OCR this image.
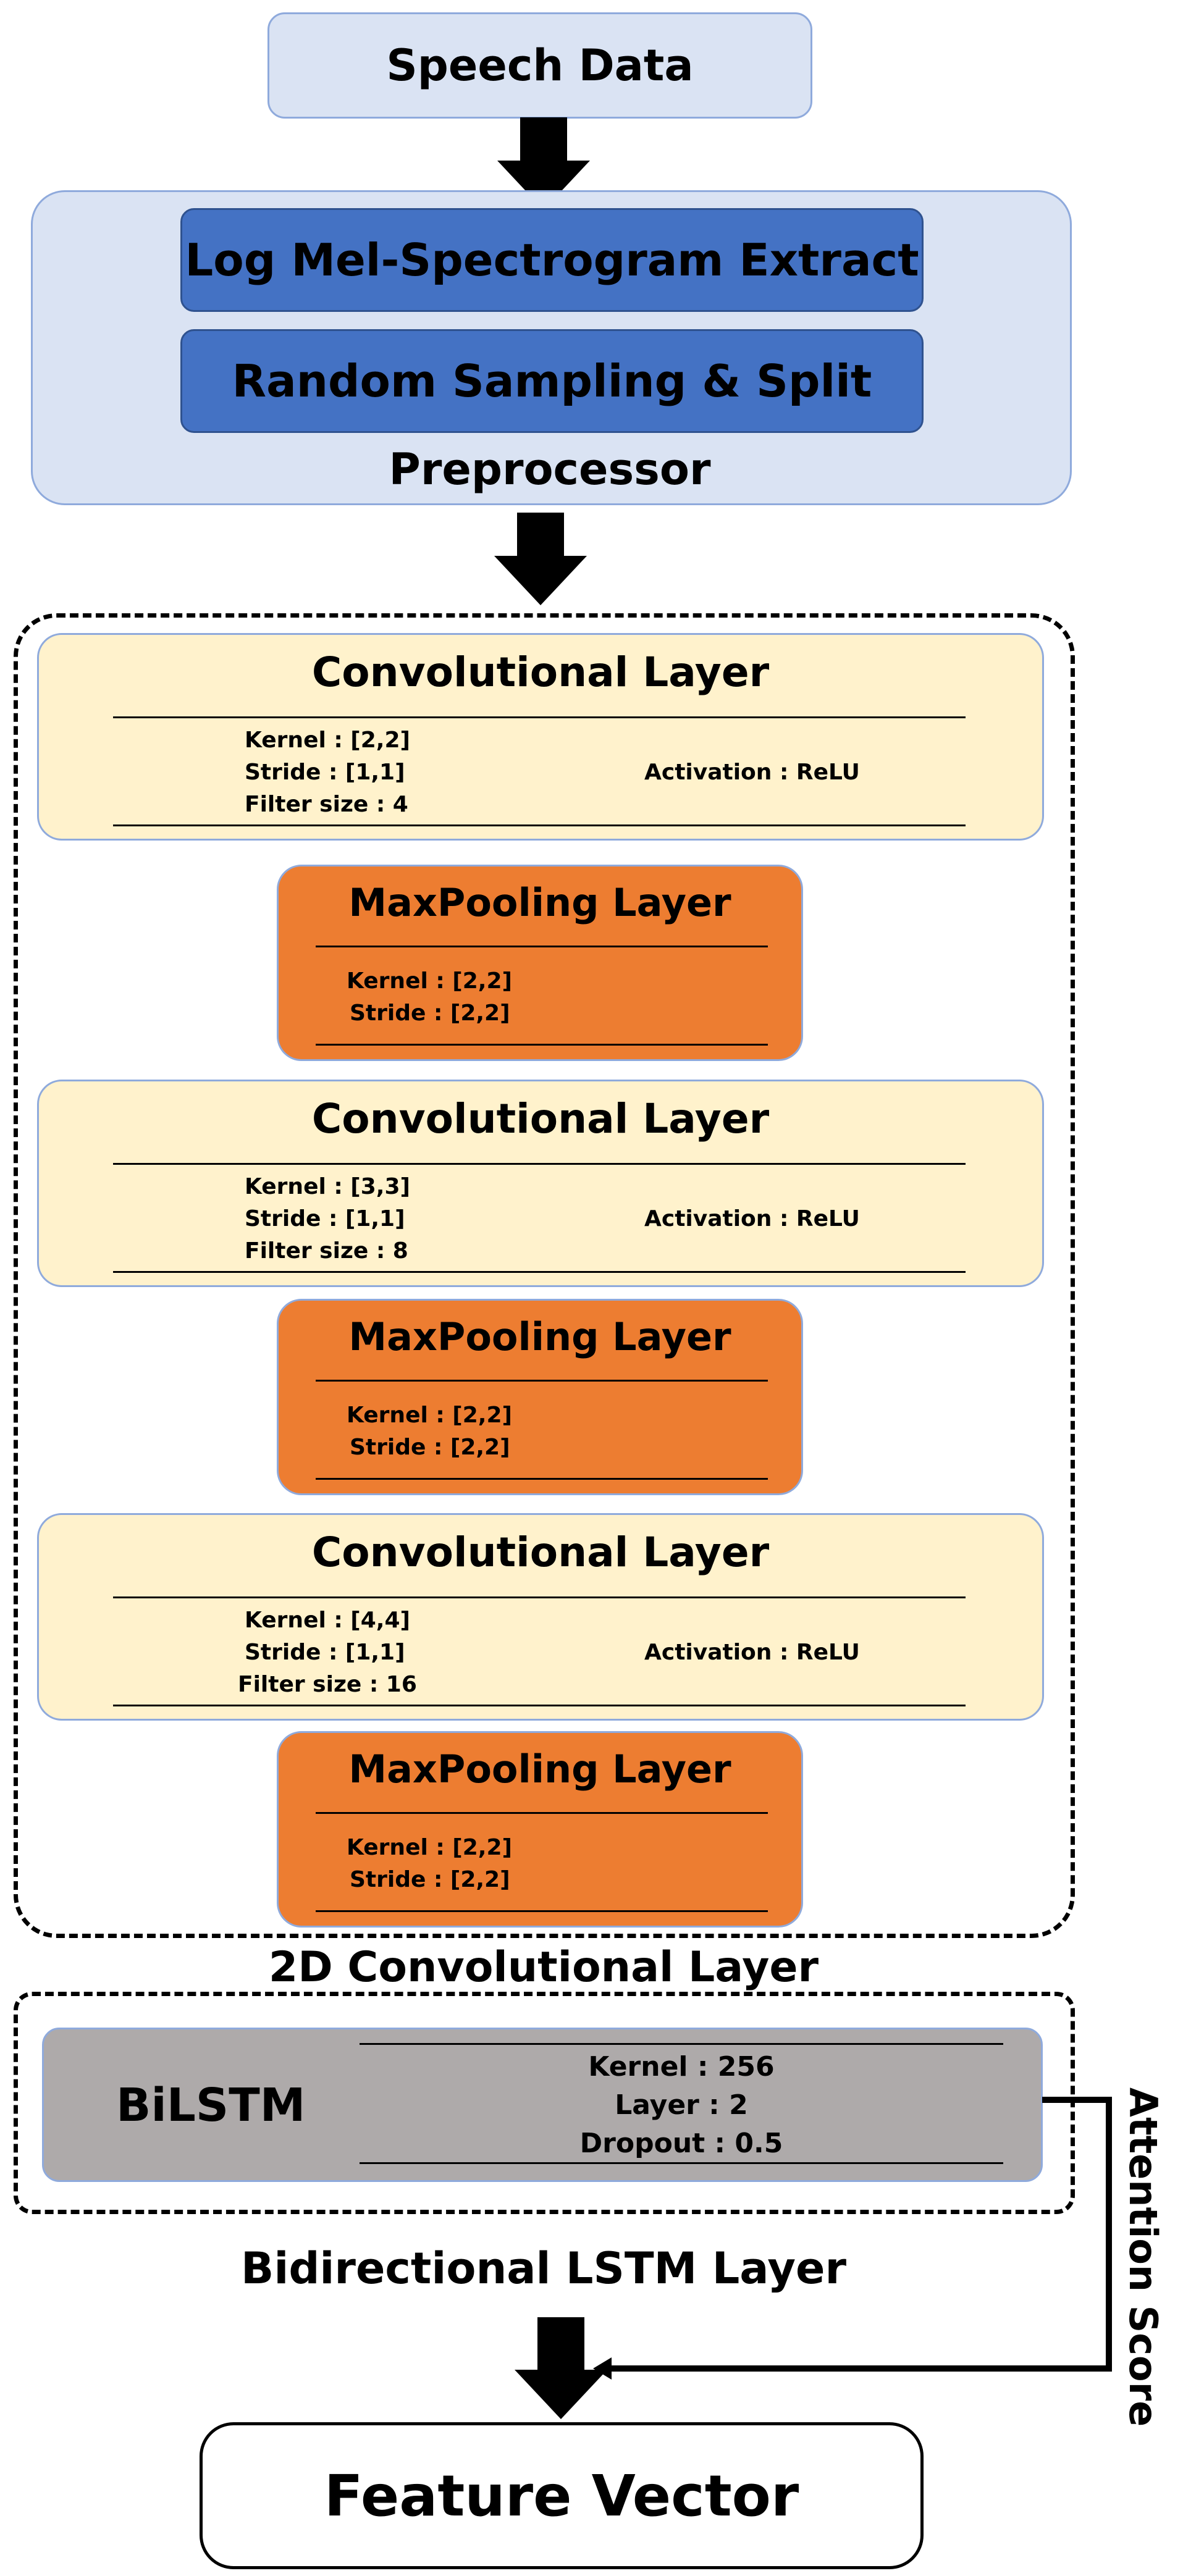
Speech Data
Log Mel-Spectrogram Extract
Random Sampling & Split
Preprocessor
Convolutional Layer
Kernel : [2,2]
Stride : [1,1]
Filter size : 4
Activation : ReLU
MaxPooling Layer
Kernel : [2,2]
Stride : [2,2]
Convolutional Layer
Kernel : [3,3]
Stride : [1,1]
Filter size : 8
Activation : ReLU
MaxPooling Layer
Kernel : [2,2]
Stride : [2,2]
Convolutional Layer
Kernel : [4,4]
Stride : [1,1]
Filter size : 16
Activation : ReLU
MaxPooling Layer
Kernel : [2,2]
Stride : [2,2]
2D Convolutional Layer
BiLSTM
Kernel : 256
Layer : 2
Dropout : 0.5
Bidirectional LSTM Layer	Attention Score
Feature Vector
